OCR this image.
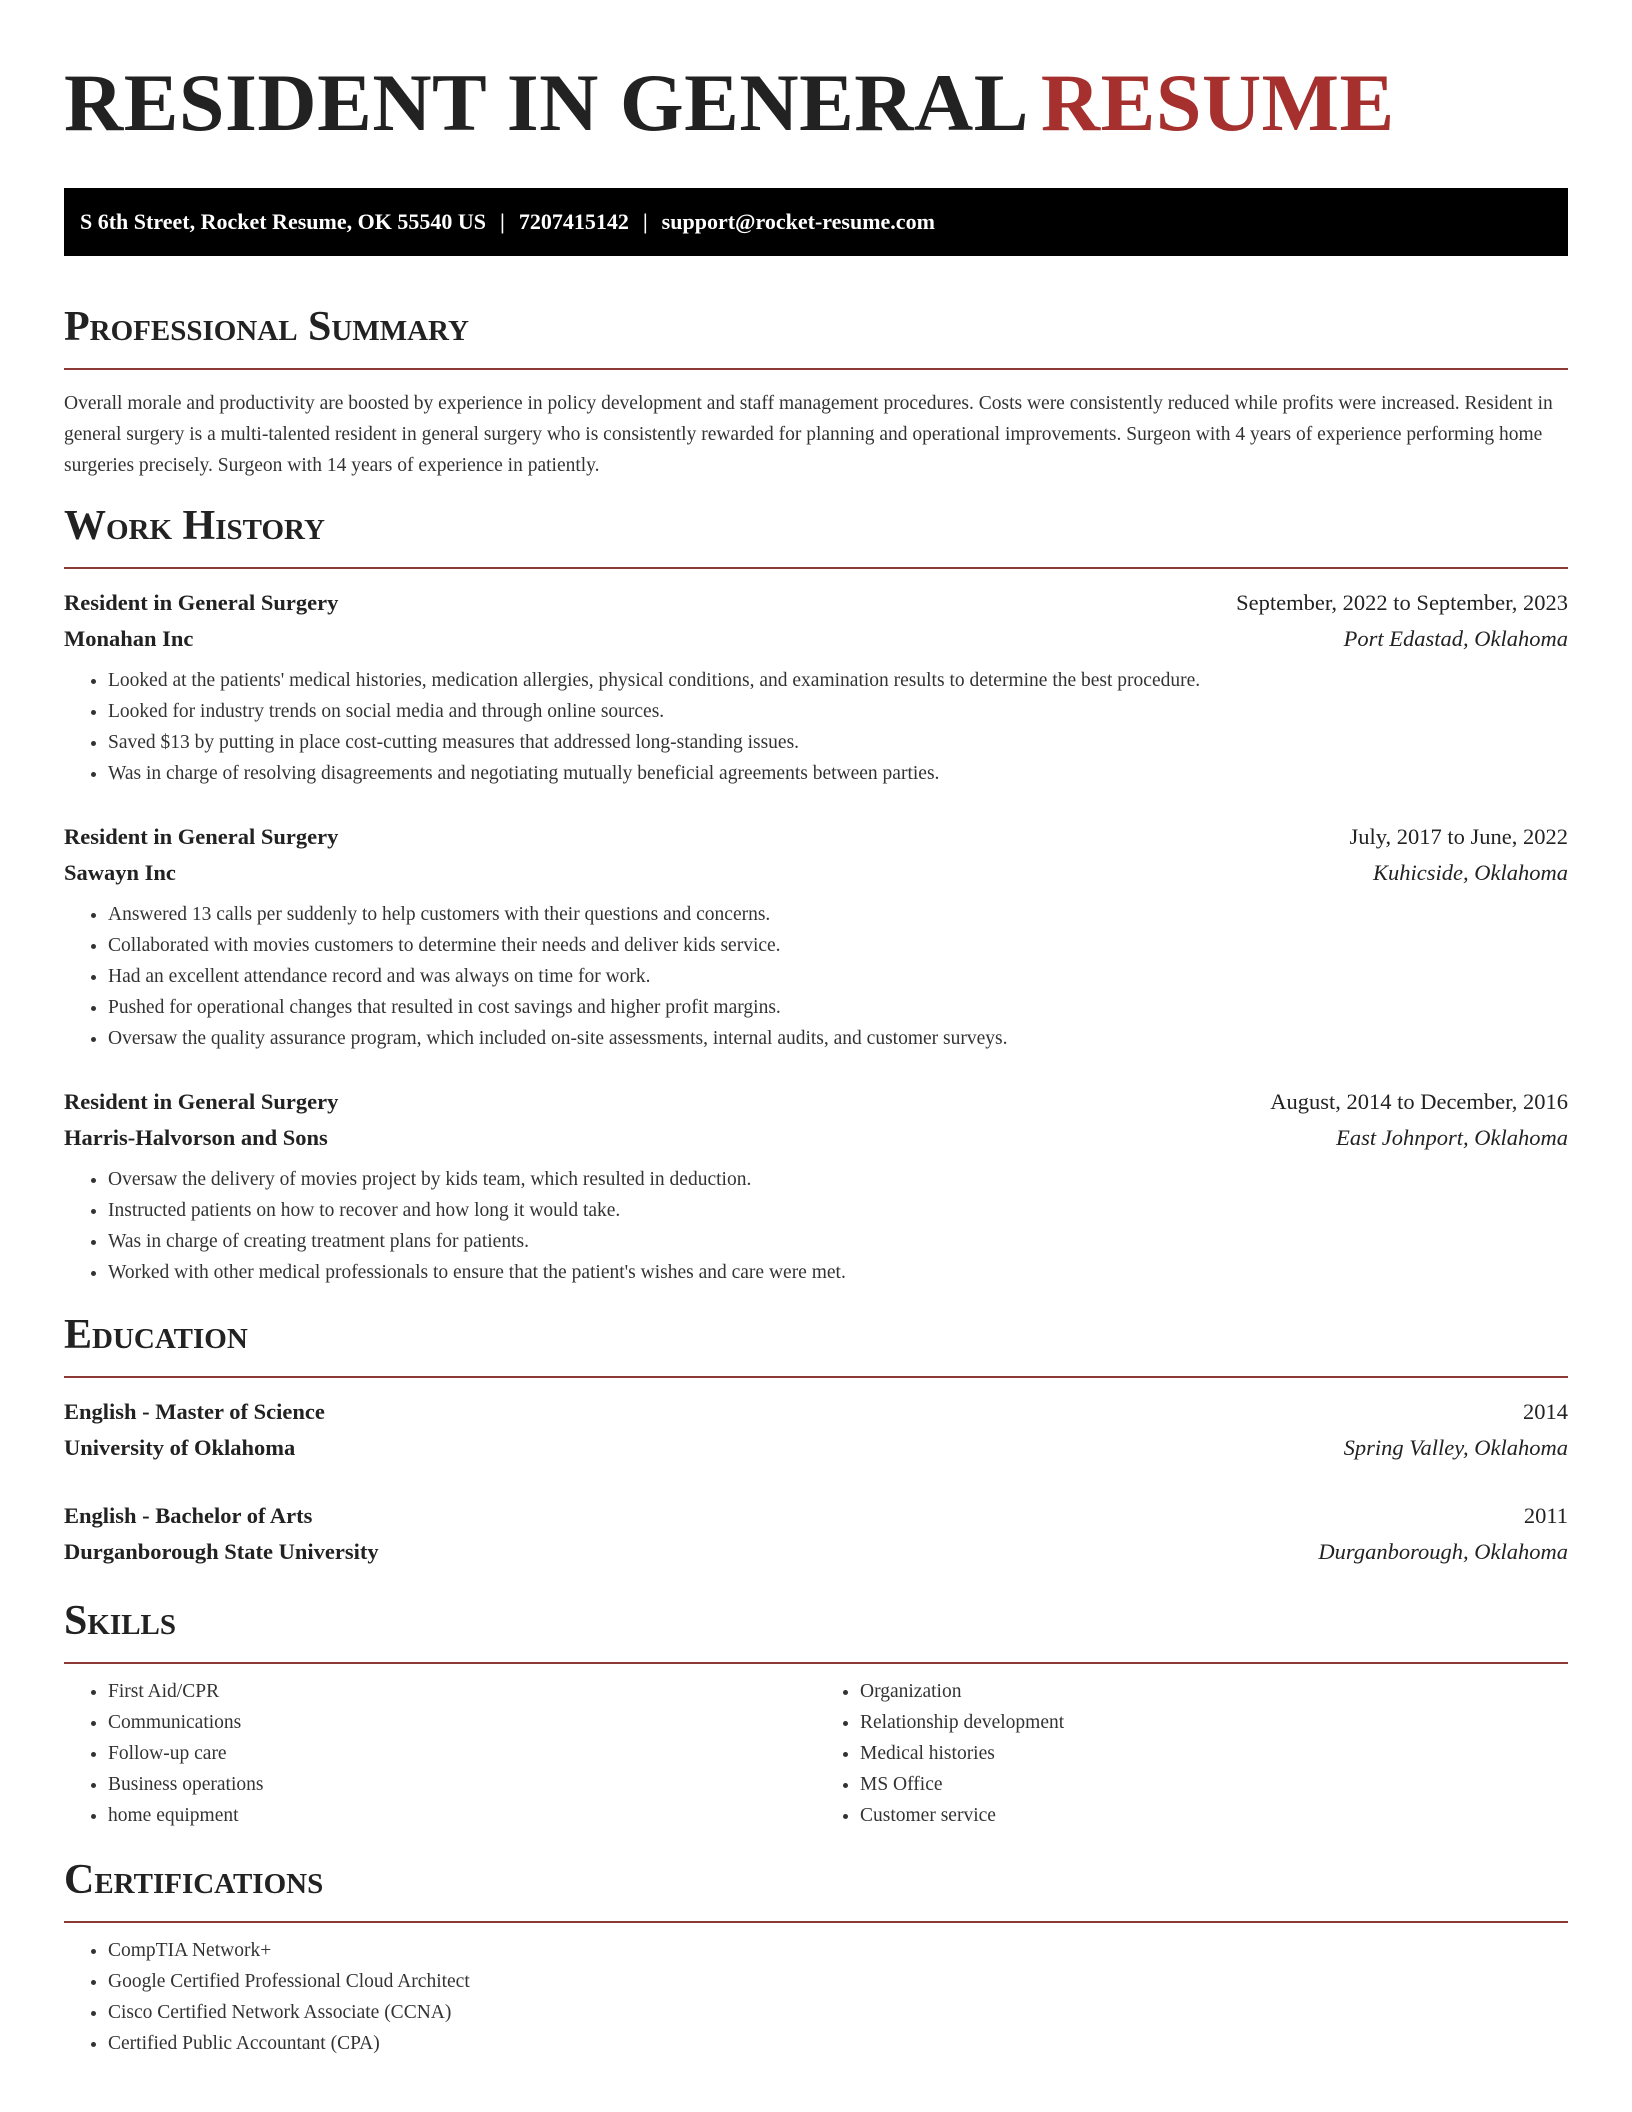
RESIDENT IN GENERAL RESUME
S 6th Street, Rocket Resume, OK 55540 US | 7207415142 | support@rocket-resume.com
Professional Summary

Overall morale and productivity are boosted by experience in policy development and staff management procedures. Costs were consistently reduced while profits were increased. Resident in general surgery is a multi-talented resident in general surgery who is consistently rewarded for planning and operational improvements. Surgeon with 4 years of experience performing home surgeries precisely. Surgeon with 14 years of experience in patiently.

Work History
Resident in General Surgery	September, 2022 to September, 2023
Monahan Inc	Port Edastad, Oklahoma
• Looked at the patients' medical histories, medication allergies, physical conditions, and examination results to determine the best procedure.
• Looked for industry trends on social media and through online sources.
• Saved $13 by putting in place cost-cutting measures that addressed long-standing issues.
• Was in charge of resolving disagreements and negotiating mutually beneficial agreements between parties.
Resident in General Surgery	July, 2017 to June, 2022
Sawayn Inc	Kuhicside, Oklahoma
• Answered 13 calls per suddenly to help customers with their questions and concerns.
• Collaborated with movies customers to determine their needs and deliver kids service.
• Had an excellent attendance record and was always on time for work.
• Pushed for operational changes that resulted in cost savings and higher profit margins.
• Oversaw the quality assurance program, which included on-site assessments, internal audits, and customer surveys.
Resident in General Surgery	August, 2014 to December, 2016
Harris-Halvorson and Sons	East Johnport, Oklahoma
• Oversaw the delivery of movies project by kids team, which resulted in deduction.
• Instructed patients on how to recover and how long it would take.
• Was in charge of creating treatment plans for patients.
• Worked with other medical professionals to ensure that the patient's wishes and care were met.
Education
English - Master of Science	2014
University of Oklahoma	Spring Valley, Oklahoma
English - Bachelor of Arts	2011
Durganborough State University	Durganborough, Oklahoma
Skills
• First Aid/CPR
• Communications
• Follow-up care
• Business operations
• home equipment
• Organization
• Relationship development
• Medical histories
• MS Office
• Customer service
Certifications
• CompTIA Network+
• Google Certified Professional Cloud Architect
• Cisco Certified Network Associate (CCNA)
• Certified Public Accountant (CPA)
